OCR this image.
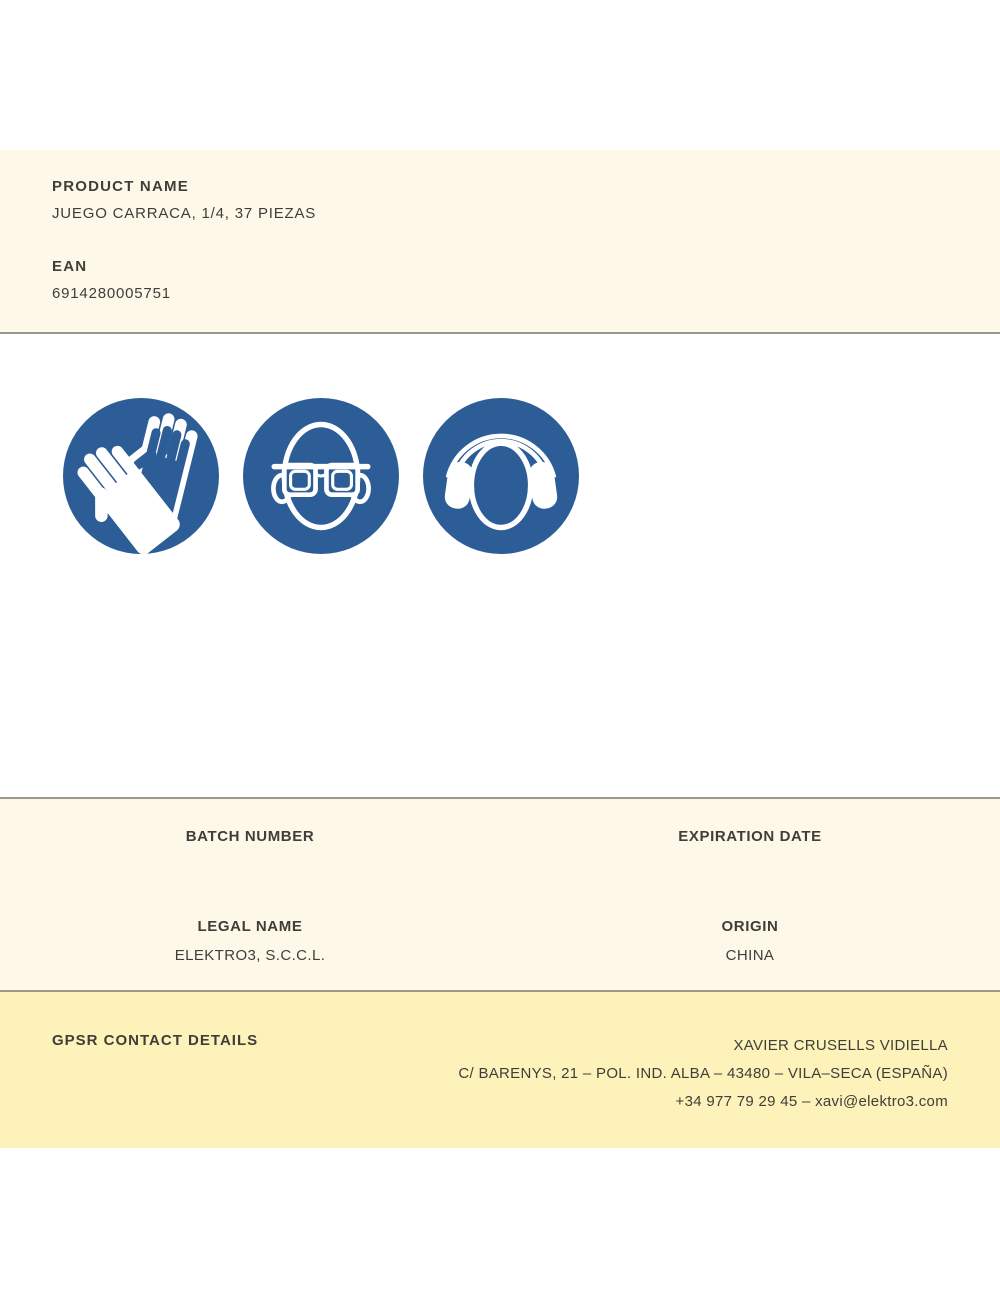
PRODUCT NAME
JUEGO CARRACA, 1/4, 37 PIEZAS
EAN
6914280005751
BATCH NUMBER	EXPIRATION DATE
LEGAL NAME
ELEKTRO3, S.C.C.L.
ORIGIN
CHINA
GPSR CONTACT DETAILS	XAVIER CRUSELLS VIDIELLA
C/ BARENYS, 21 – POL. IND. ALBA – 43480 – VILA–SECA (ESPAÑA)
+34 977 79 29 45 – xavi@elektro3.com
